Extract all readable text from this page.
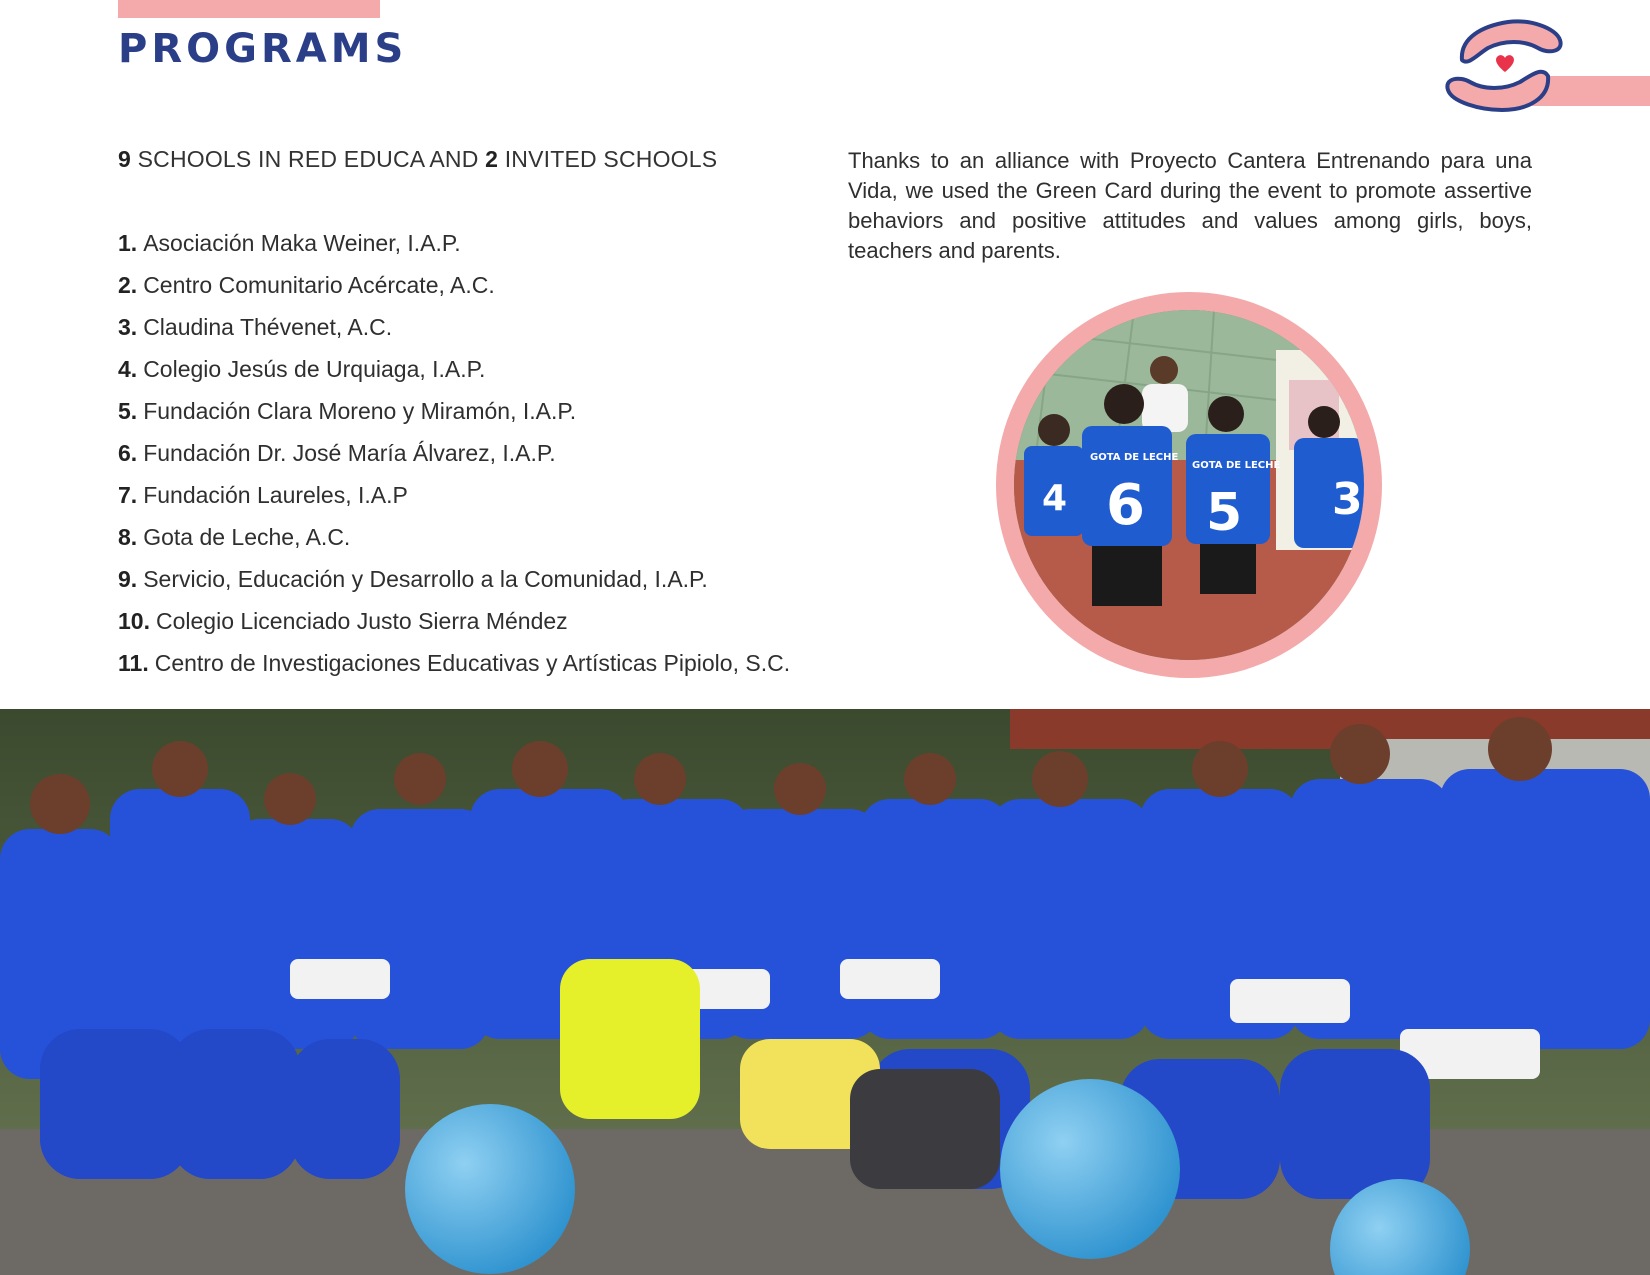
PROGRAMS

9 SCHOOLS IN RED EDUCA AND 2 INVITED SCHOOLS

1. Asociación Maka Weiner, I.A.P.
2. Centro Comunitario Acércate, A.C.
3. Claudina Thévenet, A.C.
4. Colegio Jesús de Urquiaga, I.A.P.
5. Fundación Clara Moreno y Miramón, I.A.P.
6. Fundación Dr. José María Álvarez, I.A.P.
7. Fundación Laureles, I.A.P
8. Gota de Leche, A.C.
9. Servicio, Educación y Desarrollo a la Comunidad, I.A.P.
10. Colegio Licenciado Justo Sierra Méndez
11. Centro de Investigaciones Educativas y Artísticas Pipiolo, S.C.

Thanks to an alliance with Proyecto Cantera Entrenando para una Vida, we used the Green Card during the event to promote assertive behaviors and positive attitudes and values among girls, boys, teachers and parents.

4
GOTA DE LECHE
6
GOTA DE LECHE
5 3
